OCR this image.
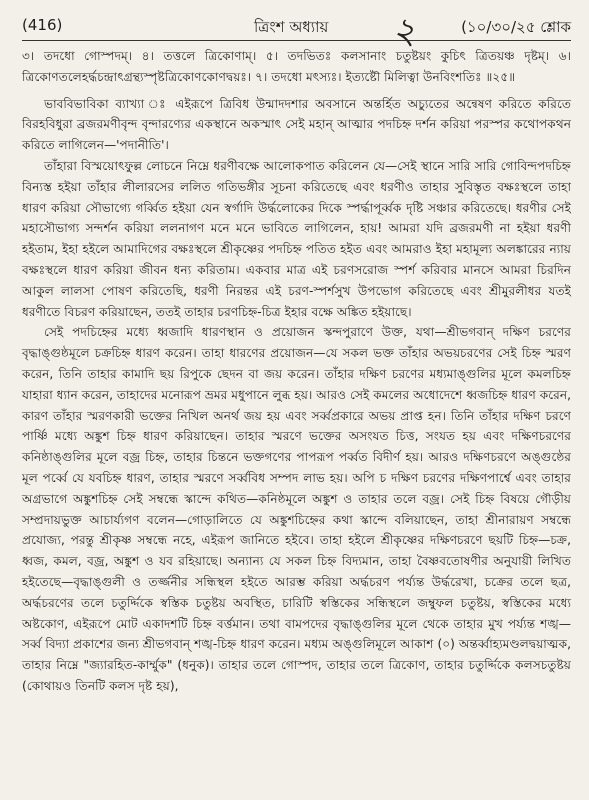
(416)	ত্রিংশ অধ্যায় ২	(১০/৩০/২৫ শ্লোক

৩। তদধো গোস্পদম্। ৪। তত্তলে ত্রিকোণাম্। ৫। তদভিতঃ কলসানাং চতুষ্টয়ং কুচিৎ ত্রিতয়ঞ্চ দৃষ্টম্। ৬। ত্রিকোণতলেহর্দ্ধচন্দ্রাৎগ্রন্থ্যস্পৃষ্টত্রিকোণকোণদ্বয়ঃ। ৭। তদধো মৎস্যঃ। ইত্যষ্টৌ মিলিত্বা উনবিংশতিঃ ॥২৫॥

ভাববিভাবিকা ব্যাখ্যা ঃ এইরূপে ত্রিবিধ উন্মাদদশার অবসানে অন্তর্হিত অচ্যুতের অন্বেষণ করিতে করিতে বিরহবিধুরা ব্রজরমণীবৃন্দ বৃন্দারণ্যের একস্থানে অকস্মাৎ সেই মহান্ আত্মার পদচিহ্ন দর্শন করিয়া পরস্পর কথোপকথন করিতে লাগিলেন—'পদানীতি'।

তাঁহারা বিস্ময়োৎফুল্ল লোচনে নিম্নে ধরণীবক্ষে আলোকপাত করিলেন যে—সেই স্থানে সারি সারি গোবিন্দপদচিহ্ন বিন্যস্ত হইয়া তাঁহার লীলারসের ললিত গতিভঙ্গীর সূচনা করিতেছে এবং ধরণীও তাহার সুবিস্তৃত বক্ষঃস্থলে তাহা ধারণ করিয়া সৌভাগ্যে গর্ব্বিত হইয়া যেন স্বর্গাদি উর্দ্ধলোকের দিকে স্পর্দ্ধাপূর্ব্বক দৃষ্টি সঞ্চার করিতেছে। ধরণীর সেই মহাসৌভাগ্য সন্দর্শন করিয়া ললনাগণ মনে মনে ভাবিতে লাগিলেন, হায়! আমরা যদি ব্রজরমণী না হইয়া ধরণী হইতাম, ইহা হইলে আমাদিগের বক্ষঃস্থলে শ্রীকৃষ্ণের পদচিহ্ন পতিত হইত এবং আমরাও ইহা মহামূল্য অলঙ্কারের ন্যায় বক্ষঃস্থলে ধারণ করিয়া জীবন ধন্য করিতাম। একবার মাত্র এই চরণসরোজ স্পর্শ করিবার মানসে আমরা চিরদিন আকুল লালসা পোষণ করিতেছি, ধরণী নিরন্তর এই চরণ-স্পর্শসুখ উপভোগ করিতেছে এবং শ্রীমুরলীধর যতই ধরণীতে বিচরণ করিয়াছেন, ততই তাহার চরণচিহ্ন-চিত্র ইহার বক্ষে অঙ্কিত হইয়াছে।

সেই পদচিহ্নের মধ্যে ধ্বজাদি ধারণস্থান ও প্রয়োজন স্কন্দপুরাণে উক্ত, যথা—শ্রীভগবান্ দক্ষিণ চরণের বৃদ্ধাঙ্গুষ্ঠমূলে চক্রচিহ্ন ধারণ করেন। তাহা ধারণের প্রয়োজন—যে সকল ভক্ত তাঁহার অভয়চরণের সেই চিহ্ন স্মরণ করেন, তিনি তাহার কামাদি ছয় রিপুকে ছেদন বা জয় করেন। তাঁহার দক্ষিণ চরণের মধ্যমাঙ্গুলির মূলে কমলচিহ্ন যাহারা ধ্যান করেন, তাহাদের মনোরূপ ভ্রমর মধুপানে লুব্ধ হয়। আরও সেই কমলের অধোদেশে ধ্বজচিহ্ন ধারণ করেন, কারণ তাঁহার স্মরণকারী ভক্তের নিখিল অনর্থ জয় হয় এবং সর্ব্বপ্রকারে অভয় প্রাপ্ত হন। তিনি তাঁহার দক্ষিণ চরণে পার্ষ্ণি মধ্যে অঙ্কুশ চিহ্ন ধারণ করিয়াছেন। তাহার স্মরণে ভক্তের অসংযত চিত্ত, সংযত হয় এবং দক্ষিণচরণের কনিষ্ঠাঙ্গুলির মূলে বজ্র চিহ্ন, তাহার চিন্তনে ভক্তগণের পাপরূপ পর্ব্বত বিদীর্ণ হয়। আরও দক্ষিণচরণে অঙ্গুষ্ঠের মূল পর্ব্বে যে যবচিহ্ন ধারণ, তাহার স্মরণে সর্ব্ববিধ সম্পদ লাভ হয়। অপি চ দক্ষিণ চরণের দক্ষিণপার্শ্বে এবং তাহার অগ্রভাগে অঙ্কুশচিহ্ন সেই সম্বন্ধে স্কান্দে কথিত—কনিষ্ঠমূলে অঙ্কুশ ও তাহার তলে বজ্র। সেই চিহ্ন বিষয়ে গৌড়ীয় সম্প্রদায়ভুক্ত আচার্য্যগণ বলেন—গোড়ালিতে যে অঙ্কুশচিহ্নের কথা স্কান্দে বলিয়াছেন, তাহা শ্রীনারায়ণ সম্বন্ধে প্রযোজ্য, পরন্তু শ্রীকৃষ্ণ সম্বন্ধে নহে, এইরূপ জানিতে হইবে। তাহা হইলে শ্রীকৃষ্ণের দক্ষিণচরণে ছয়টি চিহ্ন—চক্র, ধ্বজ, কমল, বজ্র, অঙ্কুশ ও যব রহিয়াছে। অন্যান্য যে সকল চিহ্ন বিদ্যমান, তাহা বৈষ্ণবতোষণীর অনুযায়ী লিখিত হইতেছে—বৃদ্ধাঙ্গুলী ও তর্জ্জনীর সন্ধিস্থল হইতে আরম্ভ করিয়া অর্দ্ধচরণ পর্য্যন্ত উর্দ্ধরেখা, চক্রের তলে ছত্র, অর্দ্ধচরণের তলে চতুর্দ্দিকে স্বস্তিক চতুষ্টয় অবস্থিত, চারিটি স্বস্তিকের সন্ধিস্থলে জম্বুফল চতুষ্টয়, স্বস্তিকের মধ্যে অষ্টকোণ, এইরূপে মোট একাদশটি চিহ্ন বর্ত্তমান। তথা বামপদের বৃদ্ধাঙ্গুলির মূলে থেকে তাহার মুখ পর্য্যন্ত শঙ্খ—সর্ব্ব বিদ্যা প্রকাশের জন্য শ্রীভগবান্ শঙ্খ-চিহ্ন ধারণ করেন। মধ্যম অঙ্গুলিমূলে আকাশ (০) অন্তর্ব্বাহ্যমণ্ডলদ্বয়াত্মক, তাহার নিম্নে "জ্যারহিত-কার্ম্মুক" (ধনুক)। তাহার তলে গোস্পদ, তাহার তলে ত্রিকোণ, তাহার চতুর্দ্দিকে কলসচতুষ্টয় (কোথায়ও তিনটি কলস দৃষ্ট হয়),
